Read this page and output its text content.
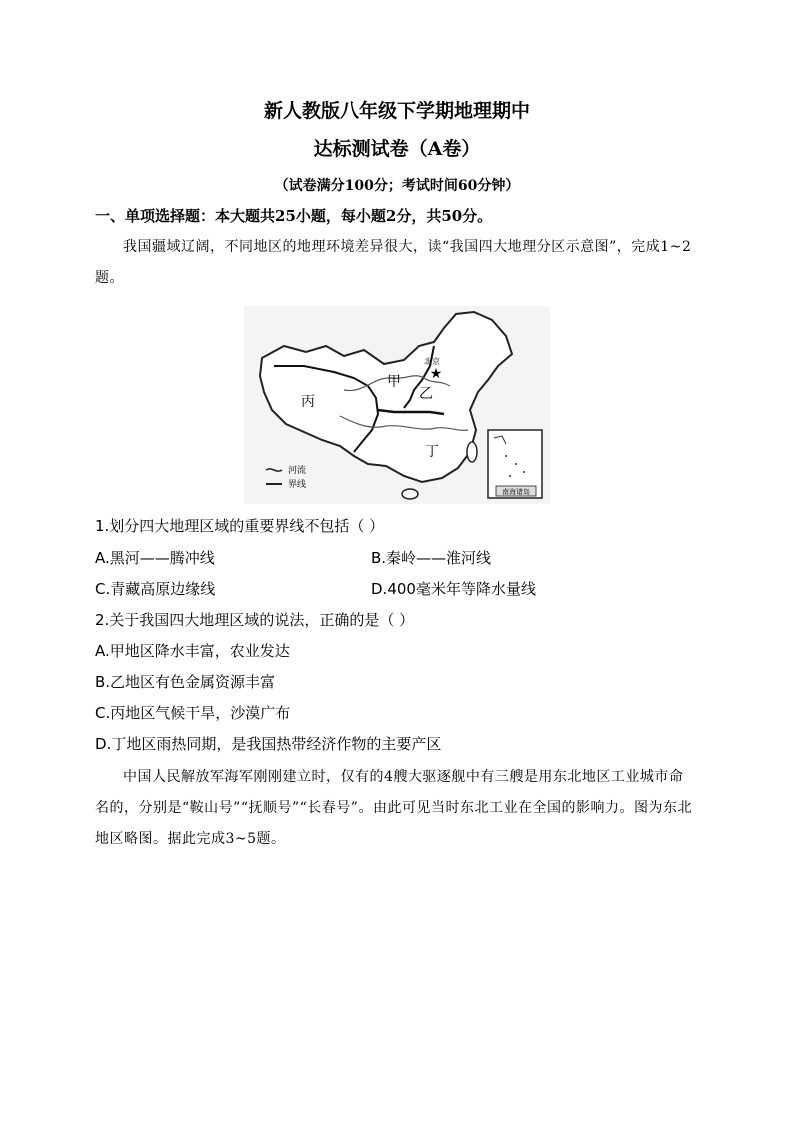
新人教版八年级下学期地理期中
达标测试卷（A卷）
（试卷满分100分；考试时间60分钟）
一、单项选择题：本大题共25小题，每小题2分，共50分。
我国疆域辽阔，不同地区的地理环境差异很大，读“我国四大地理分区示意图”，完成1~2题。
★
北京
甲
乙
丙
丁
河流
界线
南海诸岛
1.划分四大地理区域的重要界线不包括（ ）
A.黑河——腾冲线	B.秦岭——淮河线
C.青藏高原边缘线	D.400毫米年等降水量线
2.关于我国四大地理区域的说法，正确的是（ ）
A.甲地区降水丰富，农业发达
B.乙地区有色金属资源丰富
C.丙地区气候干旱，沙漠广布
D.丁地区雨热同期，是我国热带经济作物的主要产区
中国人民解放军海军刚刚建立时，仅有的4艘大驱逐舰中有三艘是用东北地区工业城市命名的，分别是“鞍山号”“抚顺号”“长春号”。由此可见当时东北工业在全国的影响力。图为东北地区略图。据此完成3~5题。
